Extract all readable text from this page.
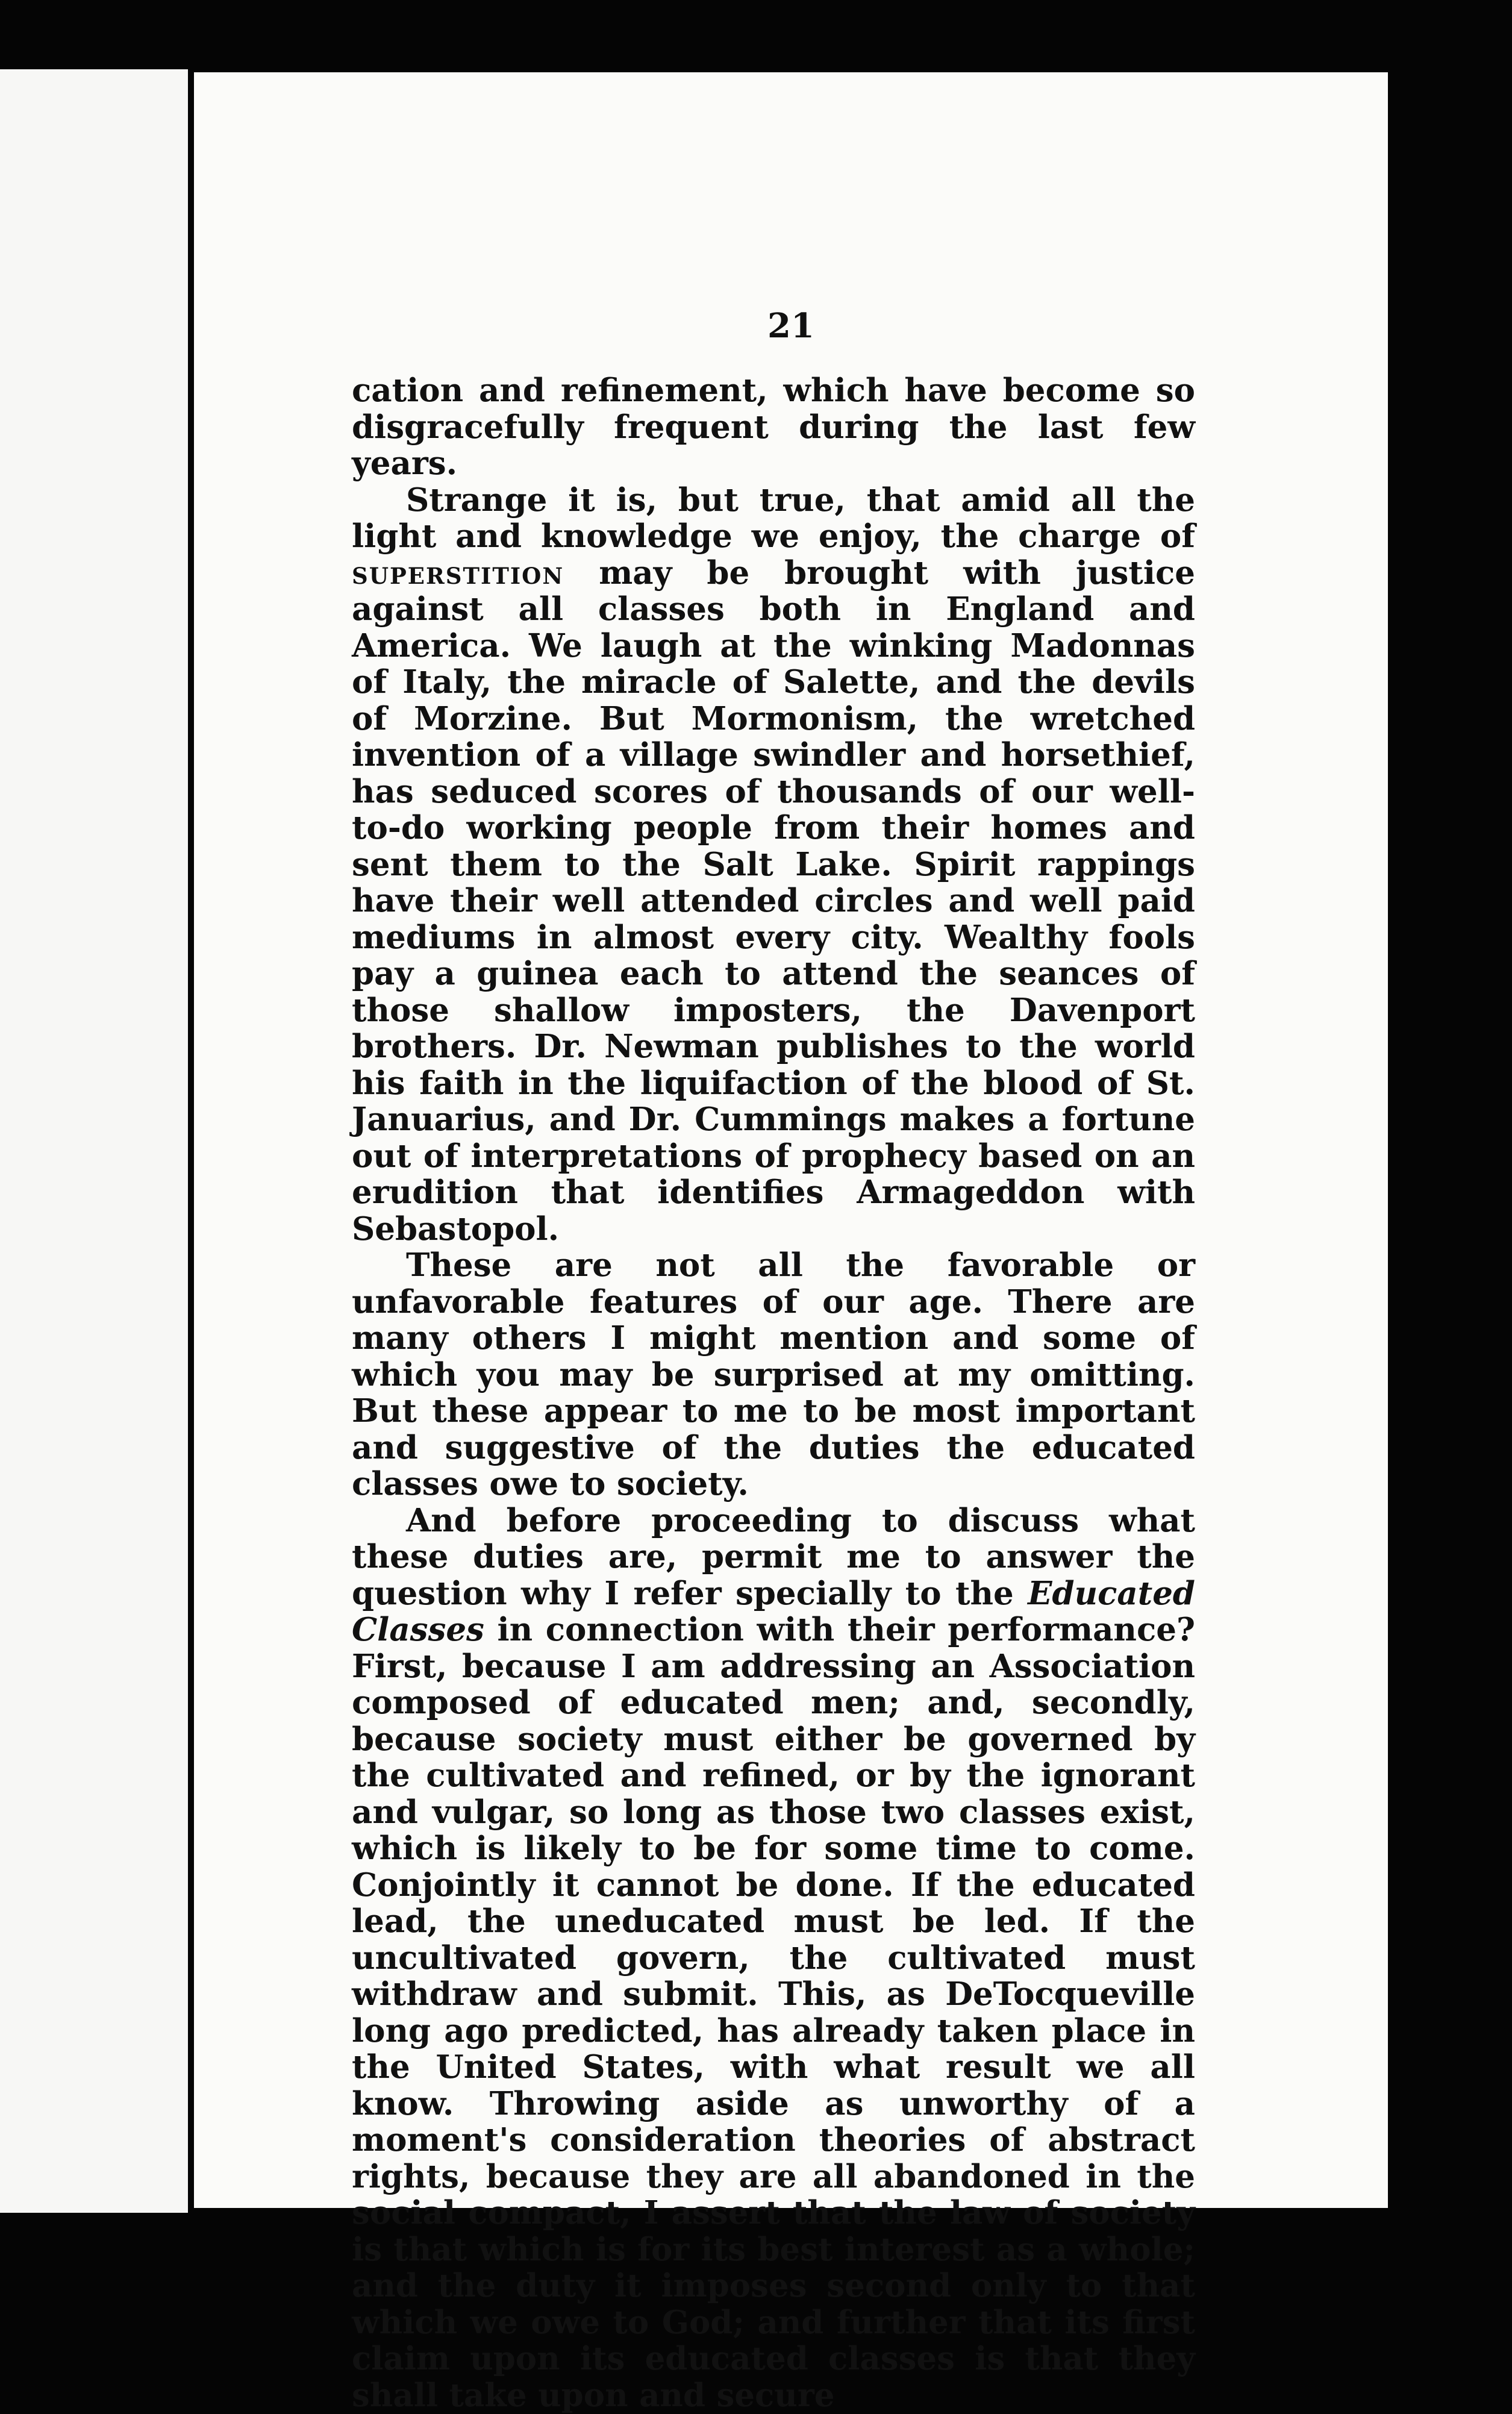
21

cation and refinement, which have become so disgracefully frequent during the last few years.

Strange it is, but true, that amid all the light and knowledge we enjoy, the charge of superstition may be brought with justice against all classes both in England and America. We laugh at the winking Madonnas of Italy, the miracle of Salette, and the devils of Morzine. But Mormonism, the wretched invention of a village swindler and horsethief, has seduced scores of thousands of our well-to-do working people from their homes and sent them to the Salt Lake. Spirit rappings have their well attended circles and well paid mediums in almost every city. Wealthy fools pay a guinea each to attend the seances of those shallow imposters, the Davenport brothers. Dr. Newman publishes to the world his faith in the liquifaction of the blood of St. Januarius, and Dr. Cummings makes a fortune out of interpretations of prophecy based on an erudition that identifies Armageddon with Sebastopol.

These are not all the favorable or unfavorable features of our age. There are many others I might mention and some of which you may be surprised at my omitting. But these appear to me to be most important and suggestive of the duties the educated classes owe to society.

And before proceeding to discuss what these duties are, permit me to answer the question why I refer specially to the Educated Classes in connection with their performance? First, because I am addressing an Association composed of educated men; and, secondly, because society must either be governed by the cultivated and refined, or by the ignorant and vulgar, so long as those two classes exist, which is likely to be for some time to come. Conjointly it cannot be done. If the educated lead, the uneducated must be led. If the uncultivated govern, the cultivated must withdraw and submit. This, as DeTocqueville long ago predicted, has already taken place in the United States, with what result we all know. Throwing aside as unworthy of a moment's consideration theories of abstract rights, because they are all abandoned in the social compact, I assert that the law of society is that which is for its best interest as a whole; and the duty it imposes second only to that which we owe to God; and further that its first claim upon its educated classes is that they shall take upon and secure
